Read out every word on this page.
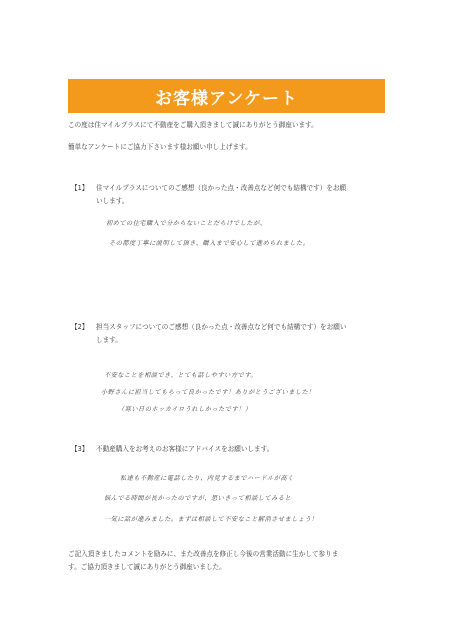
お客様アンケート
この度は住マイルプラスにて不動産をご購入頂きまして誠にありがとう御座います。
簡単なアンケートにご協力下さいます様お願い申し上げます。
【1】 住マイルプラスについてのご感想（良かった点・改善点など何でも結構です）をお願
いします。
初めての住宅購入で分からないことだらけでしたが、
その都度丁寧に説明して頂き、購入まで安心して進められました。
【2】 担当スタッフについてのご感想（良かった点・改善点など何でも結構です）をお願い
します。
不安なことを相談でき、とても話しやすい方です。
小野さんに担当してもらって良かったです！ありがとうございました！
（寒い日のホッカイロうれしかったです！）
【3】 不動産購入をお考えのお客様にアドバイスをお願いします。
私達も不動産に電話したり、内見するまでハードルが高く
悩んでる時間が長かったのですが、思いきって相談してみると
一気に話が進みました。まずは相談して不安なこと解消させましょう！
ご記入頂きましたコメントを励みに、また改善点を修正し今後の営業活動に生かして参りま
す。ご協力頂きまして誠にありがとう御座いました。
